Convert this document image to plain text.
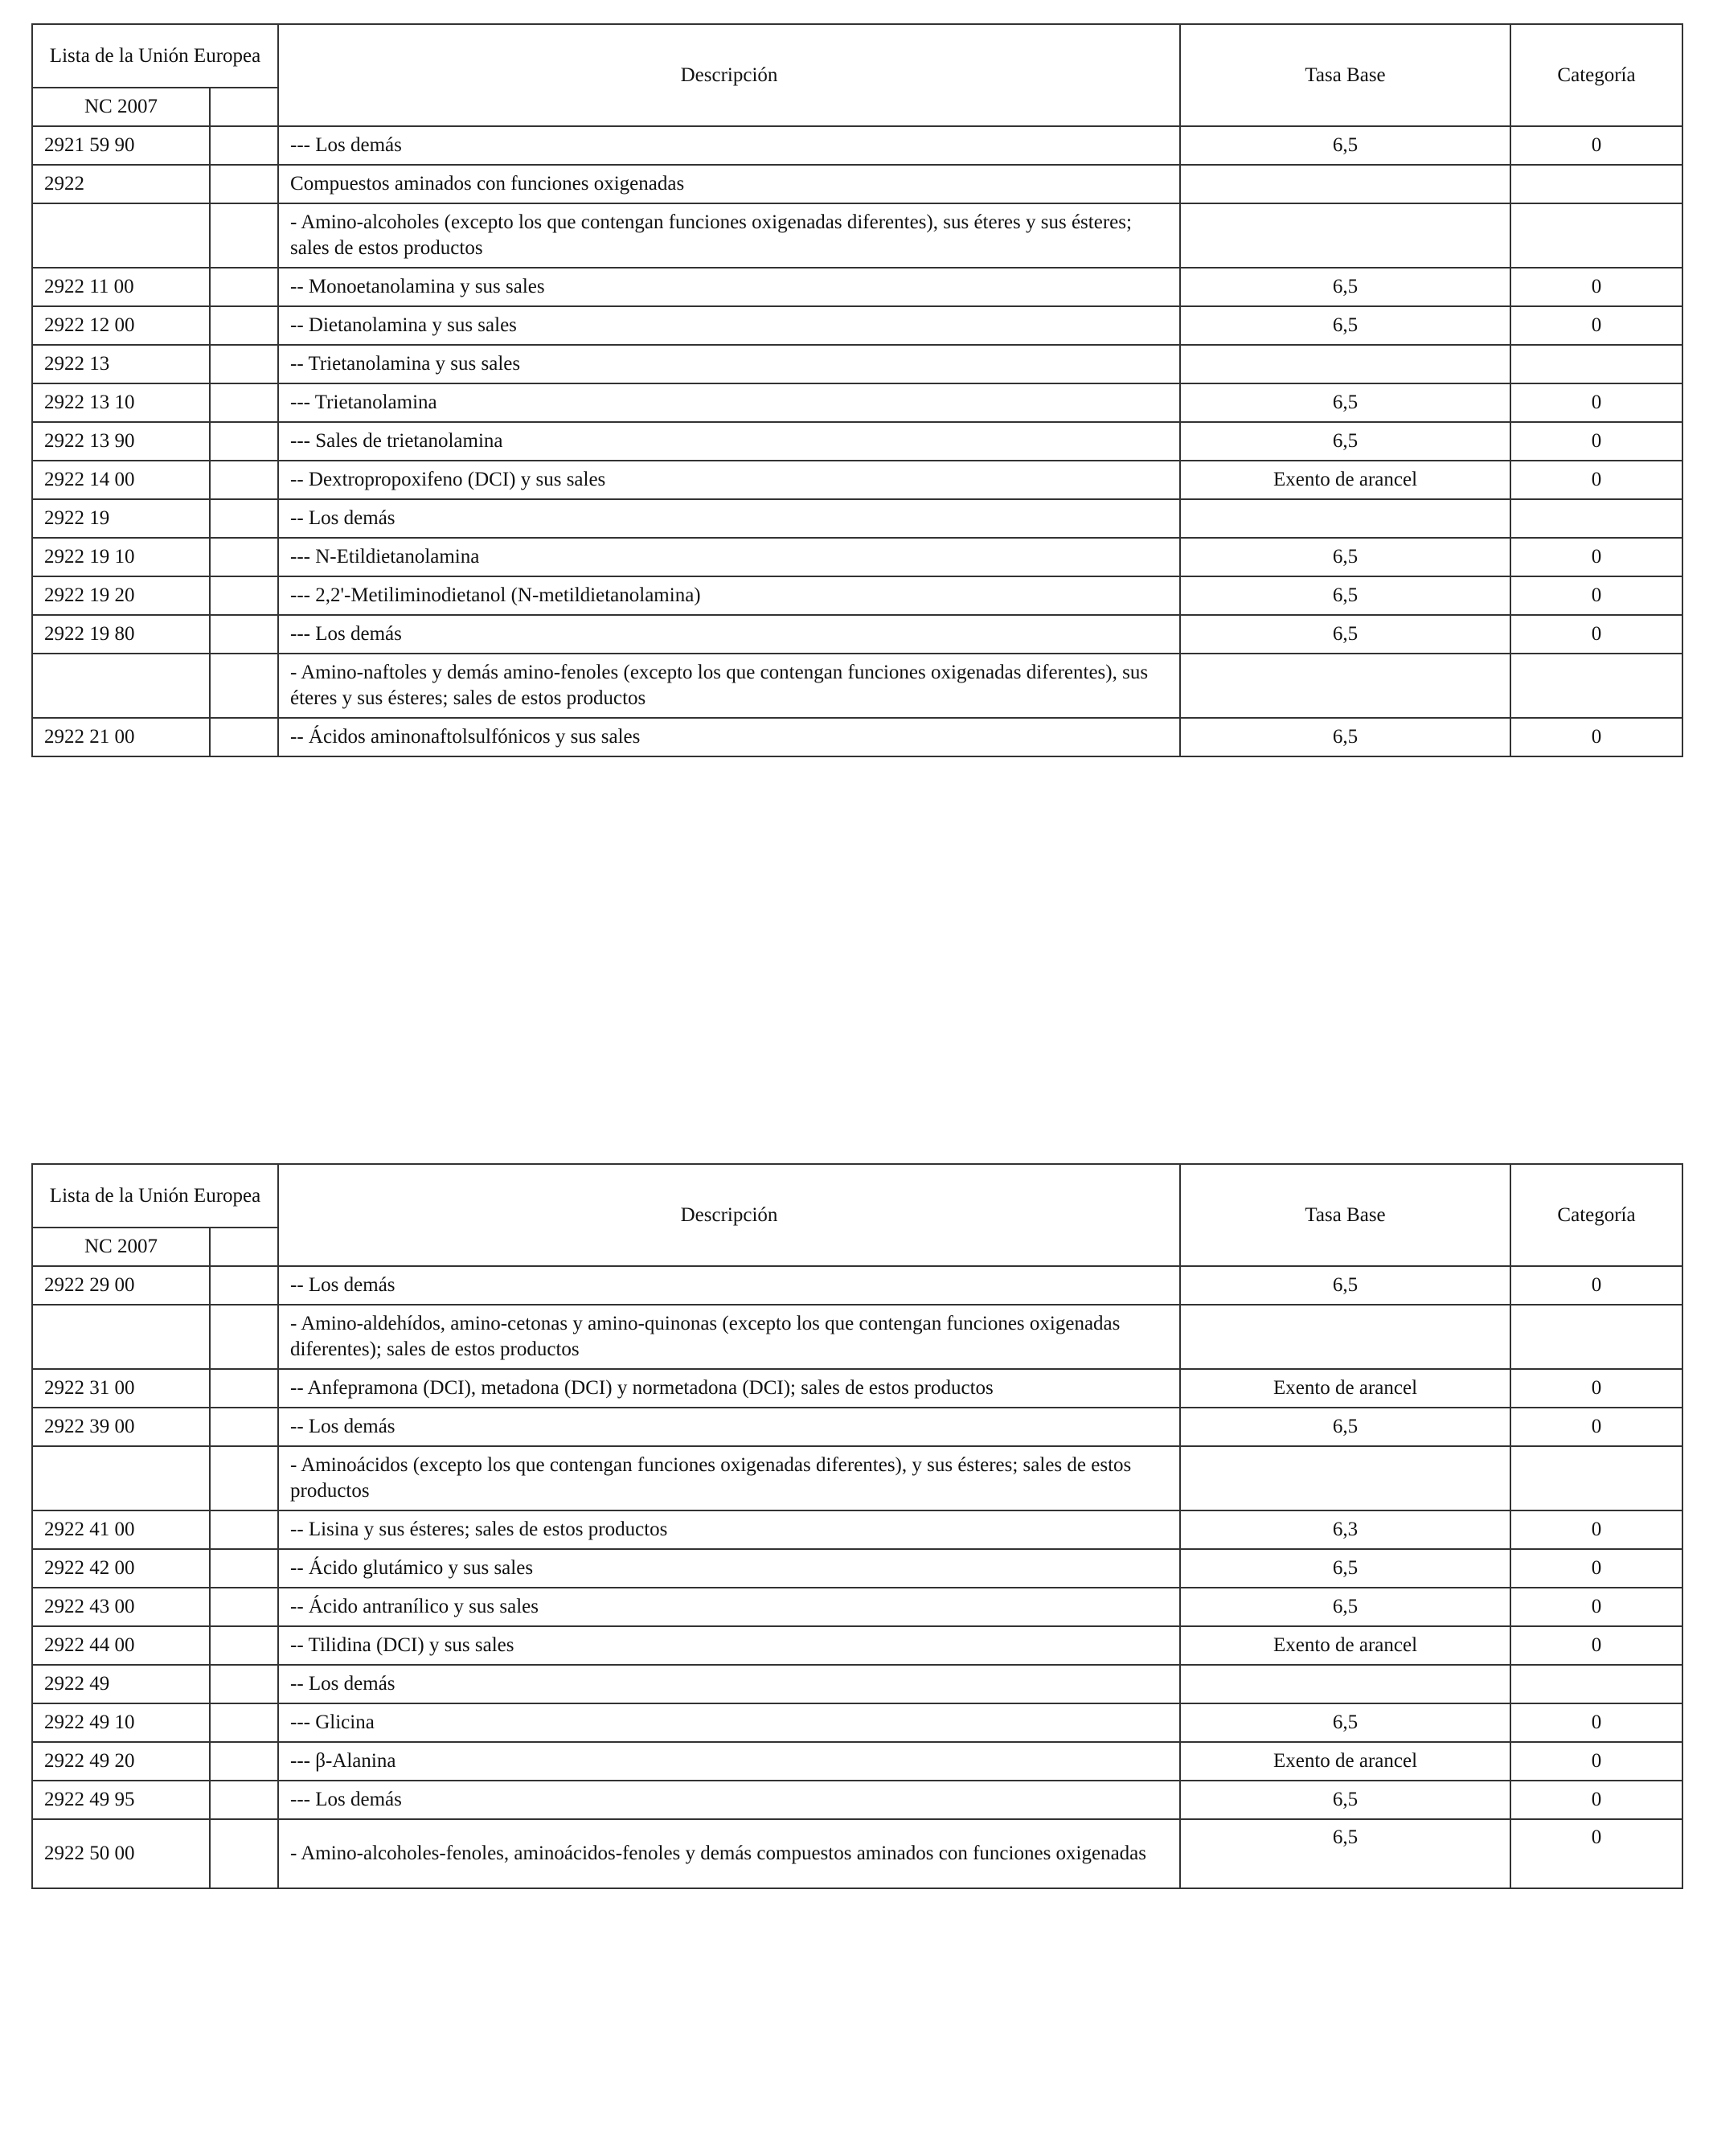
Lista de la Unión Europea		Descripción	Tasa Base	Categoría
NC 2007				
2921 59 90		--- Los demás	6,5	0
2922		Compuestos aminados con funciones oxigenadas		
		- Amino-alcoholes (excepto los que contengan funciones oxigenadas diferentes), sus éteres y sus ésteres; sales de estos productos		
2922 11 00		-- Monoetanolamina y sus sales	6,5	0
2922 12 00		-- Dietanolamina y sus sales	6,5	0
2922 13		-- Trietanolamina y sus sales		
2922 13 10		--- Trietanolamina	6,5	0
2922 13 90		--- Sales de trietanolamina	6,5	0
2922 14 00		-- Dextropropoxifeno (DCI) y sus sales	Exento de arancel	0
2922 19		-- Los demás		
2922 19 10		--- N-Etildietanolamina	6,5	0
2922 19 20		--- 2,2'-Metiliminodietanol (N-metildietanolamina)	6,5	0
2922 19 80		--- Los demás	6,5	0
		- Amino-naftoles y demás amino-fenoles (excepto los que contengan funciones oxigenadas diferentes), sus éteres y sus ésteres; sales de estos productos		
2922 21 00		-- Ácidos aminonaftolsulfónicos y sus sales	6,5	0
Lista de la Unión Europea		Descripción	Tasa Base	Categoría
NC 2007				
2922 29 00		-- Los demás	6,5	0
		- Amino-aldehídos, amino-cetonas y amino-quinonas (excepto los que contengan funciones oxigenadas diferentes); sales de estos productos		
2922 31 00		-- Anfepramona (DCI), metadona (DCI) y normetadona (DCI); sales de estos productos	Exento de arancel	0
2922 39 00		-- Los demás	6,5	0
		- Aminoácidos (excepto los que contengan funciones oxigenadas diferentes), y sus ésteres; sales de estos productos		
2922 41 00		-- Lisina y sus ésteres; sales de estos productos	6,3	0
2922 42 00		-- Ácido glutámico y sus sales	6,5	0
2922 43 00		-- Ácido antranílico y sus sales	6,5	0
2922 44 00		-- Tilidina (DCI) y sus sales	Exento de arancel	0
2922 49		-- Los demás		
2922 49 10		--- Glicina	6,5	0
2922 49 20		--- β-Alanina	Exento de arancel	0
2922 49 95		--- Los demás	6,5	0
2922 50 00		- Amino-alcoholes-fenoles, aminoácidos-fenoles y demás compuestos aminados con funciones oxigenadas	6,5	0
